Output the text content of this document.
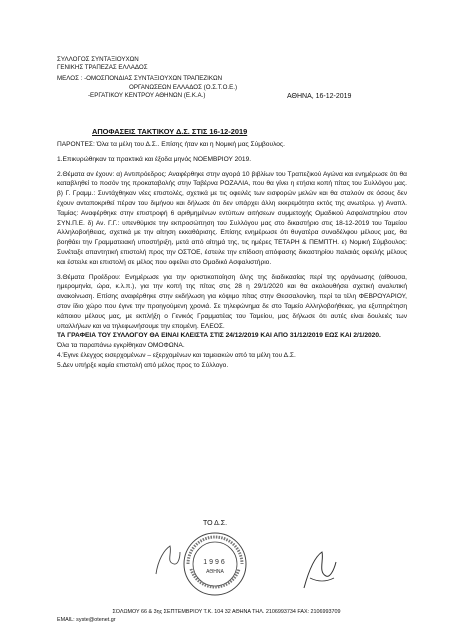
ΣΥΛΛΟΓΟΣ ΣΥΝΤΑΞΙΟΥΧΩΝ
ΓΕΝΙΚΗΣ ΤΡΑΠΕΖΑΣ ΕΛΛΑΔΟΣ
ΜΕΛΟΣ : -ΟΜΟΣΠΟΝΔΙΑΣ ΣΥΝΤΑΞΙΟΥΧΩΝ ΤΡΑΠΕΖΙΚΩΝ
ΟΡΓΑΝΩΣΕΩΝ ΕΛΛΑΔΟΣ (Ο.Σ.Τ.Ο.Ε.)
-ΕΡΓΑΤΙΚΟΥ ΚΕΝΤΡΟΥ ΑΘΗΝΩΝ (Ε.Κ.Α.)	ΑΘΗΝΑ, 16-12-2019
ΑΠΟΦΑΣΕΙΣ ΤΑΚΤΙΚΟΥ Δ.Σ. ΣΤΙΣ 16-12-2019

ΠΑΡΟΝΤΕΣ: Όλα τα μέλη του Δ.Σ.. Επίσης ήταν και η Νομική μας Σύμβουλος.

1.Επικυρώθηκαν τα πρακτικά και έξοδα μηνός ΝΟΕΜΒΡΙΟΥ 2019.

2.Θέματα αν έχουν: α) Αντιπρόεδρος: Αναφέρθηκε στην αγορά 10 βιβλίων του Τραπεζικού Αγώνα και ενημέρωσε ότι θα καταβληθεί το ποσόν της προκαταβολής στην Ταβέρνα ΡΟΖΑΛΙΑ, που θα γίνει η ετήσια κοπή πίτας του Συλλόγου μας. β) Γ. Γραμμ.: Συντάχθηκαν νέες επιστολές, σχετικά με τις οφειλές των εισφορών μελών και θα σταλούν σε όσους δεν έχουν ανταποκριθεί πέραν του διμήνου και δήλωσε ότι δεν υπάρχει άλλη εκκρεμότητα εκτός της ανωτέρω. γ) Αναπλ. Ταμίας: Αναφέρθηκε στην επιστροφή 6 αριθμημένων εντύπων αιτήσεων συμμετοχής Ομαδικού Ασφαλιστηρίου στον ΣΥΝ.Π.Ε. δ) Αν. Γ.Γ.: υπενθύμισε την εκπροσώπηση του Συλλόγου μας στο δικαστήριο στις 18-12-2019 του Ταμείου Αλληλοβοήθειας, σχετικά με την αίτηση εκκαθάρισης. Επίσης ενημέρωσε ότι θυγατέρα συναδέλφου μέλους μας, θα βοηθάει την Γραμματειακή υποστήριξη, μετά από αίτημά της, τις ημέρες ΤΕΤΑΡΗ & ΠΕΜΠΤΗ. ε) Νομική Σύμβουλος: Συνέταξε απαντητική επιστολή προς την ΟΣΤΟΕ, έστειλε την επίδοση απόφασης δικαστηρίου παλαιάς οφειλής μέλους και έστειλε και επιστολή σε μέλος που οφείλει στο Ομαδικό Ασφαλιστήριο.

3.Θέματα Προέδρου: Ενημέρωσε για την οριστικοποίηση όλης της διαδικασίας περί της οργάνωσης (αίθουσα, ημερομηνία, ώρα, κ.λ.π.), για την κοπή της πίτας στις 28 η 29/1/2020 και θα ακολουθήσει σχετική αναλυτική ανακοίνωση. Επίσης αναφέρθηκε στην εκδήλωση για κόψιμο πίτας στην Θεσσαλονίκη, περί τα τέλη ΦΕΒΡΟΥΑΡΙΟΥ, στον ίδιο χώρο που έγινε την προηγούμενη χρονιά. Σε τηλεφώνημα δε στο Ταμείο Αλληλοβοήθειας, για εξυπηρέτηση κάποιου μέλους μας, με εκπλήξη ο Γενικός Γραμματέας του Ταμείου, μας δήλωσε ότι αυτές είναι δουλειές των υπαλλήλων και να τηλεφωνήσουμε την επομένη. ΕΛΕΟΣ.

ΤΑ ΓΡΑΦΕΙΑ ΤΟΥ ΣΥΛΛΟΓΟΥ ΘΑ ΕΙΝΑΙ ΚΛΕΙΣΤΑ ΣΤΙΣ 24/12/2019 ΚΑΙ ΑΠΟ 31/12/2019 ΕΩΣ ΚΑΙ 2/1/2020.

Όλα τα παραπάνω εγκρίθηκαν ΟΜΟΦΩΝΑ.

4.Έγινε έλεγχος εισερχομένων – εξερχομένων και ταμειακών από τα μέλη του Δ.Σ.

5.Δεν υπήρξε καμία επιστολή από μέλος προς το Σύλλογο.

ΤΟ Δ.Σ.
1996
ΑΘΗΝΑ
ΣΟΛΩΜΟΥ 66 & 3ης ΣΕΠΤΕΜΒΡΙΟΥ Τ.Κ. 104 32 ΑΘΗΝΑ ΤΗΛ. 2106993734 FAX: 2106993709
EMAIL: syste@otenet.gr
